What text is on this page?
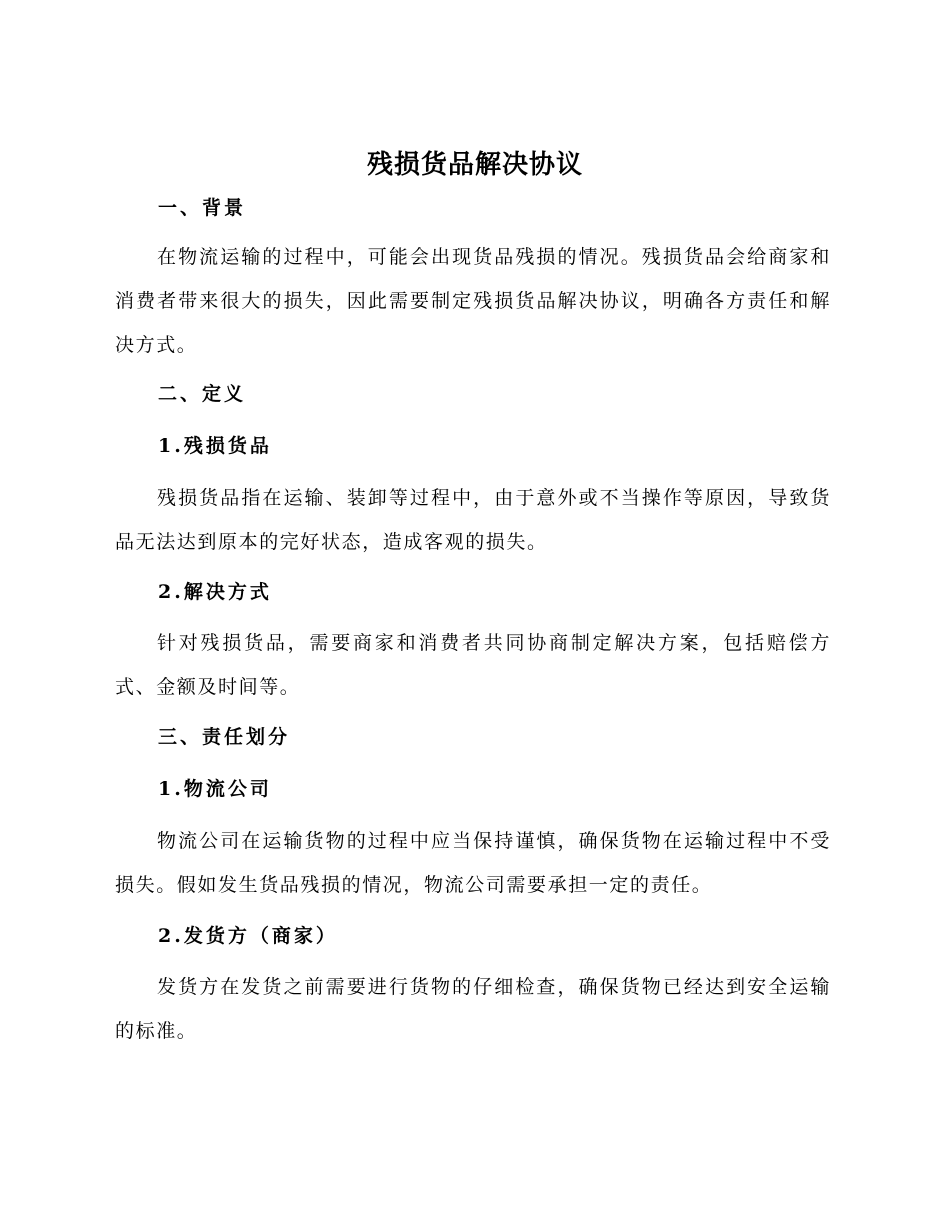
残损货品解决协议
一、背景
在物流运输的过程中，可能会出现货品残损的情况。残损货品会给商家和消费者带来很大的损失，因此需要制定残损货品解决协议，明确各方责任和解决方式。
二、定义
1.残损货品
残损货品指在运输、装卸等过程中，由于意外或不当操作等原因，导致货品无法达到原本的完好状态，造成客观的损失。
2.解决方式
针对残损货品，需要商家和消费者共同协商制定解决方案，包括赔偿方式、金额及时间等。
三、责任划分
1.物流公司
物流公司在运输货物的过程中应当保持谨慎，确保货物在运输过程中不受损失。假如发生货品残损的情况，物流公司需要承担一定的责任。
2.发货方（商家）
发货方在发货之前需要进行货物的仔细检查，确保货物已经达到安全运输的标准。
